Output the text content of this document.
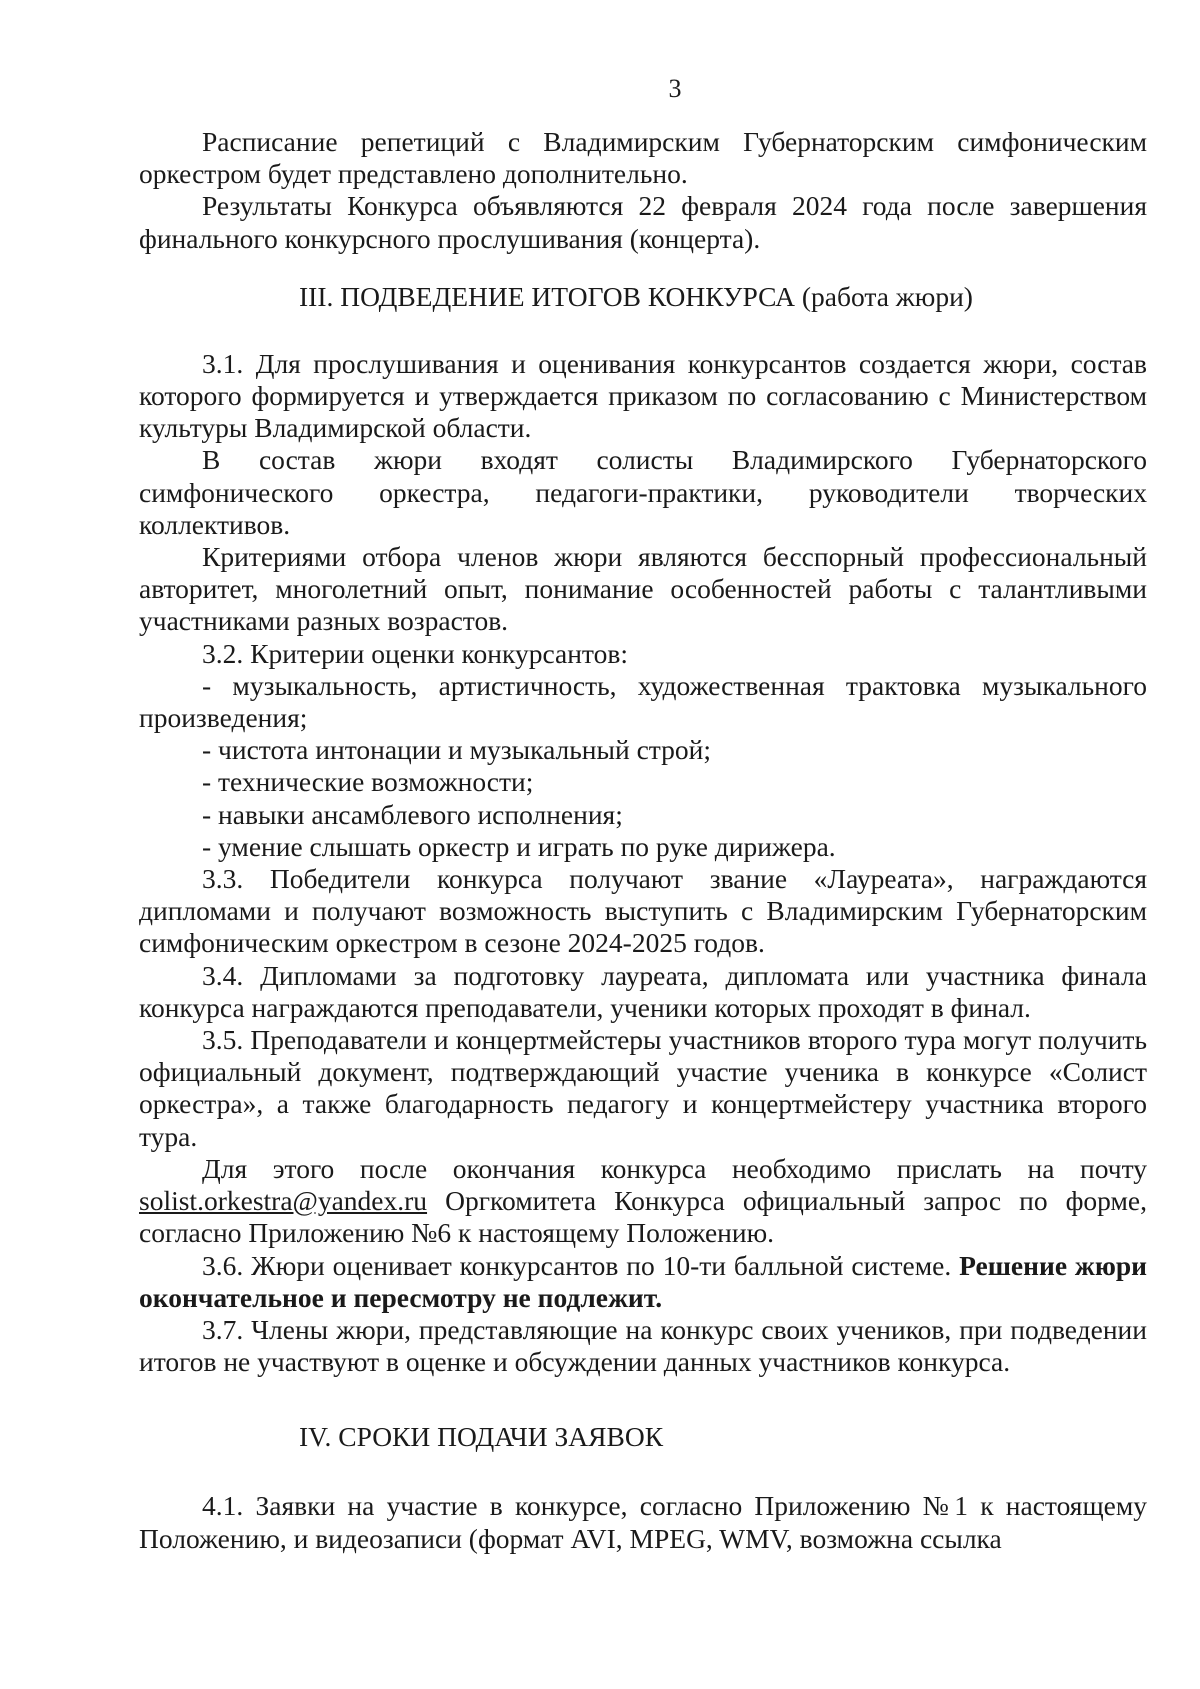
3

Расписание репетиций с Владимирским Губернаторским симфоническим оркестром будет представлено дополнительно.

Результаты Конкурса объявляются 22 февраля 2024 года после завершения финального конкурсного прослушивания (концерта).

III. ПОДВЕДЕНИЕ ИТОГОВ КОНКУРСА (работа жюри)

3.1. Для прослушивания и оценивания конкурсантов создается жюри, состав которого формируется и утверждается приказом по согласованию с Министерством культуры Владимирской области.

В состав жюри входят солисты Владимирского Губернаторского симфонического оркестра, педагоги-практики, руководители творческих коллективов.

Критериями отбора членов жюри являются бесспорный профессиональный авторитет, многолетний опыт, понимание особенностей работы с талантливыми участниками разных возрастов.

3.2. Критерии оценки конкурсантов:

- музыкальность, артистичность, художественная трактовка музыкального произведения;

- чистота интонации и музыкальный строй;

- технические возможности;

- навыки ансамблевого исполнения;

- умение слышать оркестр и играть по руке дирижера.

3.3. Победители конкурса получают звание «Лауреата», награждаются дипломами и получают возможность выступить с Владимирским Губернаторским симфоническим оркестром в сезоне 2024-2025 годов.

3.4. Дипломами за подготовку лауреата, дипломата или участника финала конкурса награждаются преподаватели, ученики которых проходят в финал.

3.5. Преподаватели и концертмейстеры участников второго тура могут получить официальный документ, подтверждающий участие ученика в конкурсе «Солист оркестра», а также благодарность педагогу и концертмейстеру участника второго тура.

Для этого после окончания конкурса необходимо прислать на почту solist.orkestra@yandex.ru Оргкомитета Конкурса официальный запрос по форме, согласно Приложению №6 к настоящему Положению.

3.6. Жюри оценивает конкурсантов по 10-ти балльной системе. Решение жюри окончательное и пересмотру не подлежит.

3.7. Члены жюри, представляющие на конкурс своих учеников, при подведении итогов не участвуют в оценке и обсуждении данных участников конкурса.

IV. СРОКИ ПОДАЧИ ЗАЯВОК

4.1. Заявки на участие в конкурсе, согласно Приложению №1 к настоящему Положению, и видеозаписи (формат AVI, MPEG, WMV, возможна ссылка
